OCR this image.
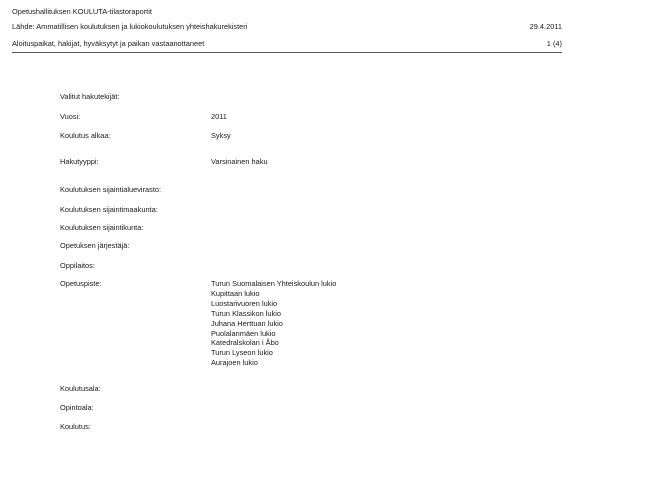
Opetushallituksen KOULUTA-tilastoraportit
Lähde: Ammatillisen koulutuksen ja lukiokoulutuksen yhteishakurekisteri	29.4.2011
Aloituspaikat, hakijat, hyväksytyt ja paikan vastaanottaneet	1 (4)
Valitut hakutekijät:
Vuosi:	2011
Koulutus alkaa:	Syksy
Hakutyyppi:	Varsinainen haku
Koulutuksen sijaintialuevirasto:
Koulutuksen sijaintimaakunta:
Koulutuksen sijaintikunta:
Opetuksen järjestäjä:
Oppilaitos:
Opetuspiste:	Turun Suomalaisen Yhteiskoulun lukio
Kupittaan lukio
Luostarivuoren lukio
Turun Klassikon lukio
Juhana Herttuan lukio
Puolalanmäen lukio
Katedralskolan i Åbo
Turun Lyseon lukio
Aurajoen lukio
Koulutusala:
Opintoala:
Koulutus:
